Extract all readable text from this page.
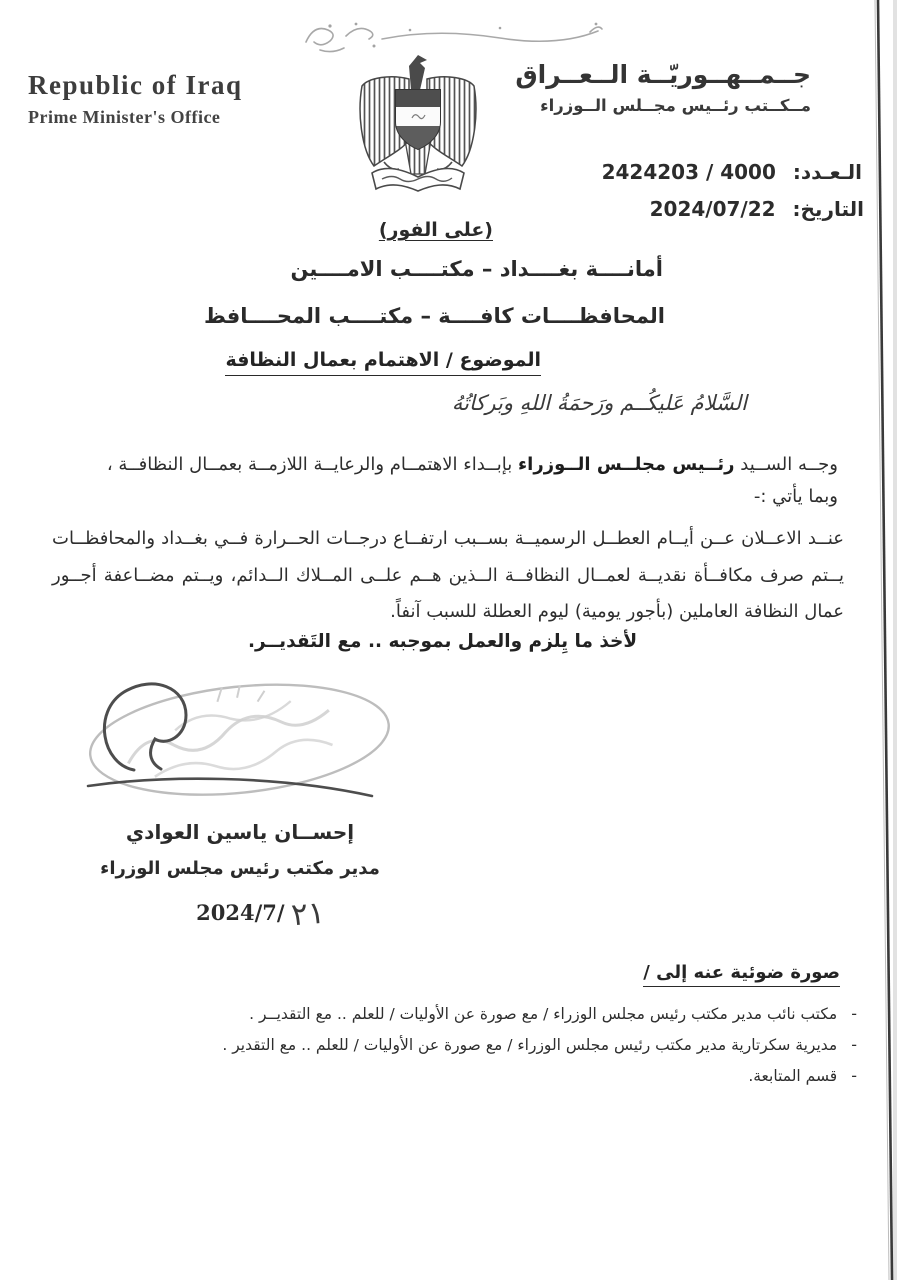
Republic of Iraq
Prime Minister's Office
جــمــهــوريّــة الــعــراق
مــكــتب رئــيس مجــلس الــوزراء
الـعـدد: 2424203 / 4000
التاريخ: 2024/07/22
(على الفور)
أمانــــة بغــــداد – مكتــــب الامــــين
المحافظــــات كافــــة – مكتــــب المحــــافظ
الموضوع / الاهتمام بعمال النظافة
السَّلامُ عَليكُــم ورَحمَةُ اللهِ وبَركاتُهُ
وجــه الســيد رئــيس مجلــس الــوزراء بإبــداء الاهتمــام والرعايــة اللازمــة بعمــال النظافــة ،
وبما يأتي :-
عنــد الاعــلان عــن أيــام العطــل الرسميــة بســبب ارتفــاع درجــات الحــرارة فــي بغــداد والمحافظــات يــتم صرف مكافــأة نقديــة لعمــال النظافــة الــذين هــم علــى المــلاك الــدائم، ويــتم مضــاعفة أجــور عمال النظافة العاملين (بأجور يومية) ليوم العطلة للسبب آنفاً.
لأخذ ما يِلزم والعمل بموجبه .. مع التَقديــر.
إحســان ياسين العوادي
مدير مكتب رئيس مجلس الوزراء
2024/7/ ٢١
صورة ضوئية عنه إلى /
-
مكتب نائب مدير مكتب رئيس مجلس الوزراء / مع صورة عن الأوليات / للعلم .. مع التقديــر .
-
مديرية سكرتارية مدير مكتب رئيس مجلس الوزراء / مع صورة عن الأوليات / للعلم .. مع التقدير .
-
قسم المتابعة.
